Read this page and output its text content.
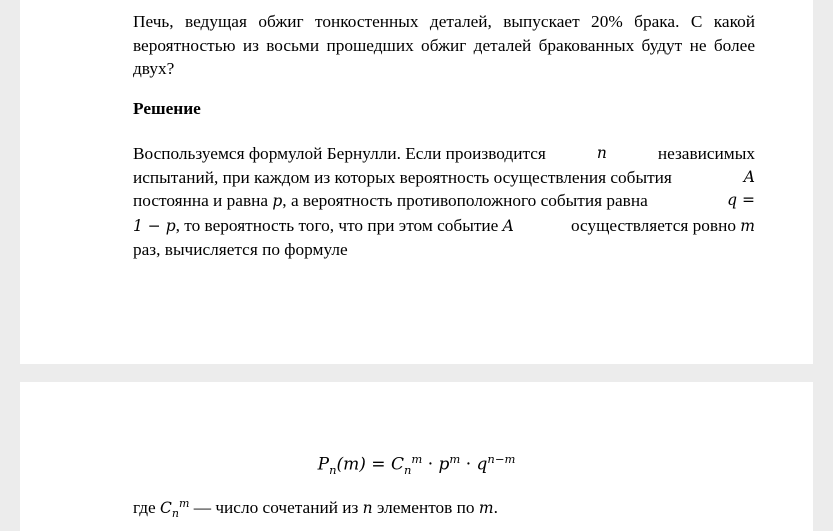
Печь, ведущая обжиг тонкостенных деталей, выпускает 20% брака. С какой вероятностью из восьми прошедших обжиг деталей бракованных будут не более двух?

Решение

Воспользуемся формулой Бернулли. Если производится	n	независимых
испытаний, при каждом из которых вероятность осуществления события	A
постоянна и равна p, а вероятность противоположного события равна	q =
1 − p, то вероятность того, что при этом событие A	осуществляется ровно m
раз, вычисляется по формуле
$P_n(m) = C_n^m \cdot p^m \cdot q^{n-m}$
где $C_n^m$ — число сочетаний из n элементов по m.
